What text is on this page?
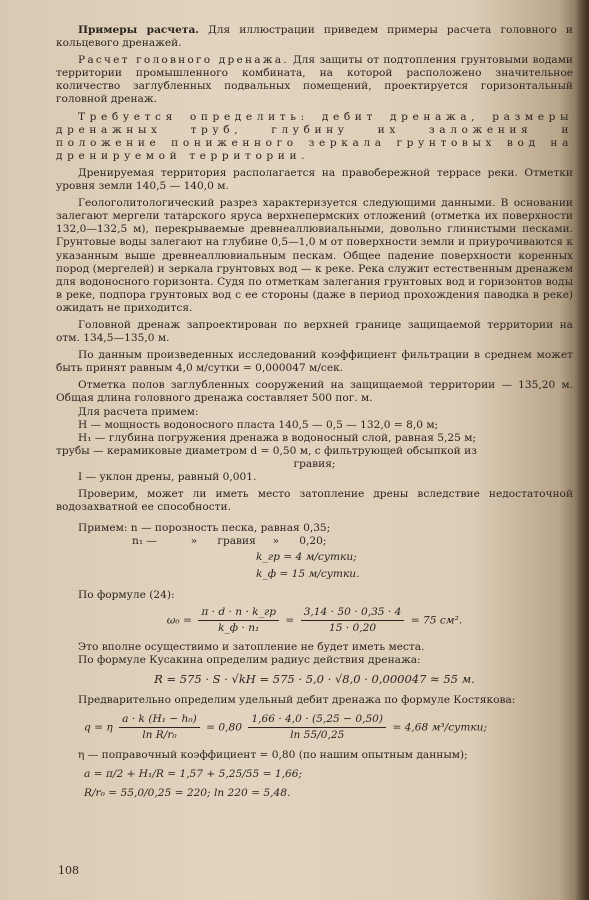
Примеры расчета. Для иллюстрации приведем примеры расчета головного и кольцевого дренажей.

Расчет головного дренажа. Для защиты от подтопления грунтовыми водами территории промышленного комбината, на которой расположено значительное количество заглубленных подвальных помещений, проектируется горизонтальный головной дренаж.

Требуется определить: дебит дренажа, размеры дренажных труб, глубину их заложения и положение пониженного зеркала грунтовых вод на дренируемой территории.

Дренируемая территория располагается на правобережной террасе реки. Отметки уровня земли 140,5 — 140,0 м.

Геологолитологический разрез характеризуется следующими данными. В основании залегают мергели татарского яруса верхнепермских отложений (отметка их поверхности 132,0—132,5 м), перекрываемые древнеаллювиальными, довольно глинистыми песками. Грунтовые воды залегают на глубине 0,5—1,0 м от поверхности земли и приурочиваются к указанным выше древнеаллювиальным пескам. Общее падение поверхности коренных пород (мергелей) и зеркала грунтовых вод — к реке. Река служит естественным дренажем для водоносного горизонта. Судя по отметкам залегания грунтовых вод и горизонтов воды в реке, подпора грунтовых вод с ее стороны (даже в период прохождения паводка в реке) ожидать не приходится.

Головной дренаж запроектирован по верхней границе защищаемой территории на отм. 134,5—135,0 м.

По данным произведенных исследований коэффициент фильтрации в среднем может быть принят равным 4,0 м/сутки = 0,000047 м/сек.

Отметка полов заглубленных сооружений на защищаемой территории — 135,20 м. Общая длина головного дренажа составляет 500 пог. м.

Для расчета примем:

H — мощность водоносного пласта 140,5 — 0,5 — 132,0 = 8,0 м;

H₁ — глубина погружения дренажа в водоносный слой, равная 5,25 м;

трубы — керамиковые диаметром d = 0,50 м, с фильтрующей обсыпкой из

гравия;

I — уклон дрены, равный 0,001.

Проверим, может ли иметь место затопление дрены вследствие недостаточной водозахватной ее способности.

Примем: n — порозность песка, равная 0,35;

n₁ —          »      гравия     »      0,20;

k_гр = 4 м/сутки;

k_ф = 15 м/сутки.

По формуле (24):

$\omega_0 = \frac{\pi \cdot d \cdot n \cdot k\_гр}{\text{k\_ф · n₁}} = \frac{3,14 \cdot 50 \cdot 0,35 \cdot 4}{15 \cdot 0,20} = 75$ см².

Это вполне осуществимо и затопление не будет иметь места.

По формуле Кусакина определим радиус действия дренажа:

R = 575 · S · √kH = 575 · 5,0 · √8,0 · 0,000047 ≈ 55 м.

Предварительно определим удельный дебит дренажа по формуле Костякова:

q = η $\frac{\text{a · k (H₁ − h₀)}}{\text{ln R/r₀}} = 0,80 \frac{1,66 \cdot 4,0 \cdot (5,25 - 0,50)}{\ln 55/0,25} = 4,68$ м³/сутки;

η — поправочный коэффициент = 0,80 (по нашим опытным данным);

a = π/2 + H₁/R = 1,57 + 5,25/55 = 1,66;

R/r₀ = 55,0/0,25 = 220; ln 220 = 5,48.

108
